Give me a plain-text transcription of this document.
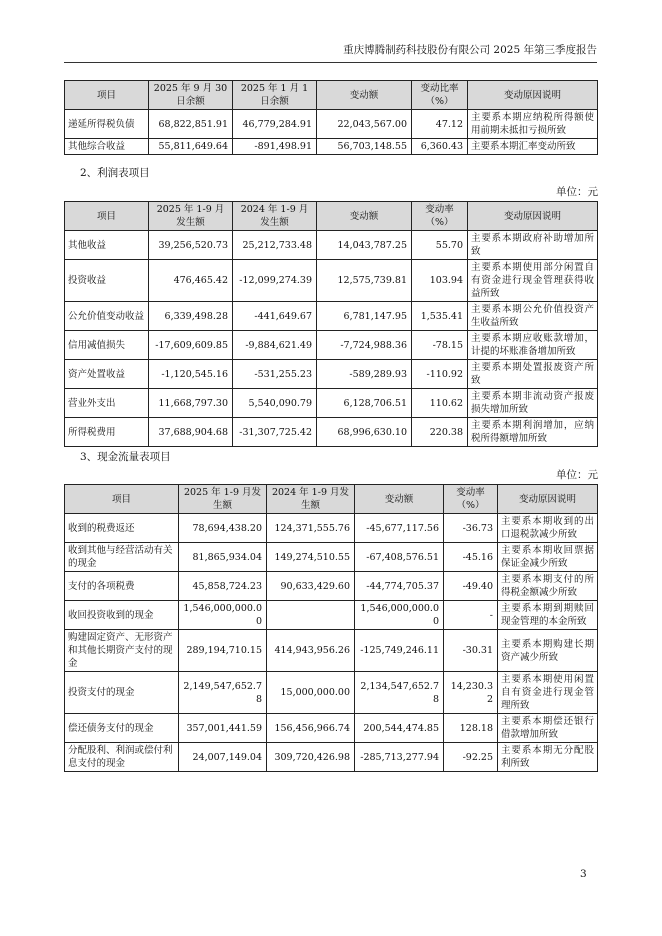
重庆博腾制药科技股份有限公司 2025 年第三季度报告
项目	2025 年 9 月 30 日余额	2025 年 1 月 1 日余额	变动额	变动比率（%）	变动原因说明
递延所得税负债	68,822,851.91	46,779,284.91	22,043,567.00	47.12	主要系本期应纳税所得额使用前期未抵扣亏损所致
其他综合收益	55,811,649.64	-891,498.91	56,703,148.55	6,360.43	主要系本期汇率变动所致
2、利润表项目
单位：元
项目	2025 年 1-9 月发生额	2024 年 1-9 月发生额	变动额	变动率（%）	变动原因说明
其他收益	39,256,520.73	25,212,733.48	14,043,787.25	55.70	主要系本期政府补助增加所致
投资收益	476,465.42	-12,099,274.39	12,575,739.81	103.94	主要系本期使用部分闲置自有资金进行现金管理获得收益所致
公允价值变动收益	6,339,498.28	-441,649.67	6,781,147.95	1,535.41	主要系本期公允价值投资产生收益所致
信用减值损失	-17,609,609.85	-9,884,621.49	-7,724,988.36	-78.15	主要系本期应收账款增加，计提的坏账准备增加所致
资产处置收益	-1,120,545.16	-531,255.23	-589,289.93	-110.92	主要系本期处置报废资产所致
营业外支出	11,668,797.30	5,540,090.79	6,128,706.51	110.62	主要系本期非流动资产报废损失增加所致
所得税费用	37,688,904.68	-31,307,725.42	68,996,630.10	220.38	主要系本期利润增加，应纳税所得额增加所致
3、现金流量表项目
单位：元
项目	2025 年 1-9 月发生额	2024 年 1-9 月发生额	变动额	变动率（%）	变动原因说明
收到的税费返还	78,694,438.20	124,371,555.76	-45,677,117.56	-36.73	主要系本期收到的出口退税款减少所致
收到其他与经营活动有关的现金	81,865,934.04	149,274,510.55	-67,408,576.51	-45.16	主要系本期收回票据保证金减少所致
支付的各项税费	45,858,724.23	90,633,429.60	-44,774,705.37	-49.40	主要系本期支付的所得税金额减少所致
收回投资收到的现金	1,546,000,000.00		1,546,000,000.00	-	主要系本期到期赎回现金管理的本金所致
购建固定资产、无形资产和其他长期资产支付的现金	289,194,710.15	414,943,956.26	-125,749,246.11	-30.31	主要系本期购建长期资产减少所致
投资支付的现金	2,149,547,652.78	15,000,000.00	2,134,547,652.78	14,230.32	主要系本期使用闲置自有资金进行现金管理所致
偿还债务支付的现金	357,001,441.59	156,456,966.74	200,544,474.85	128.18	主要系本期偿还银行借款增加所致
分配股利、利润或偿付利息支付的现金	24,007,149.04	309,720,426.98	-285,713,277.94	-92.25	主要系本期无分配股利所致
3
